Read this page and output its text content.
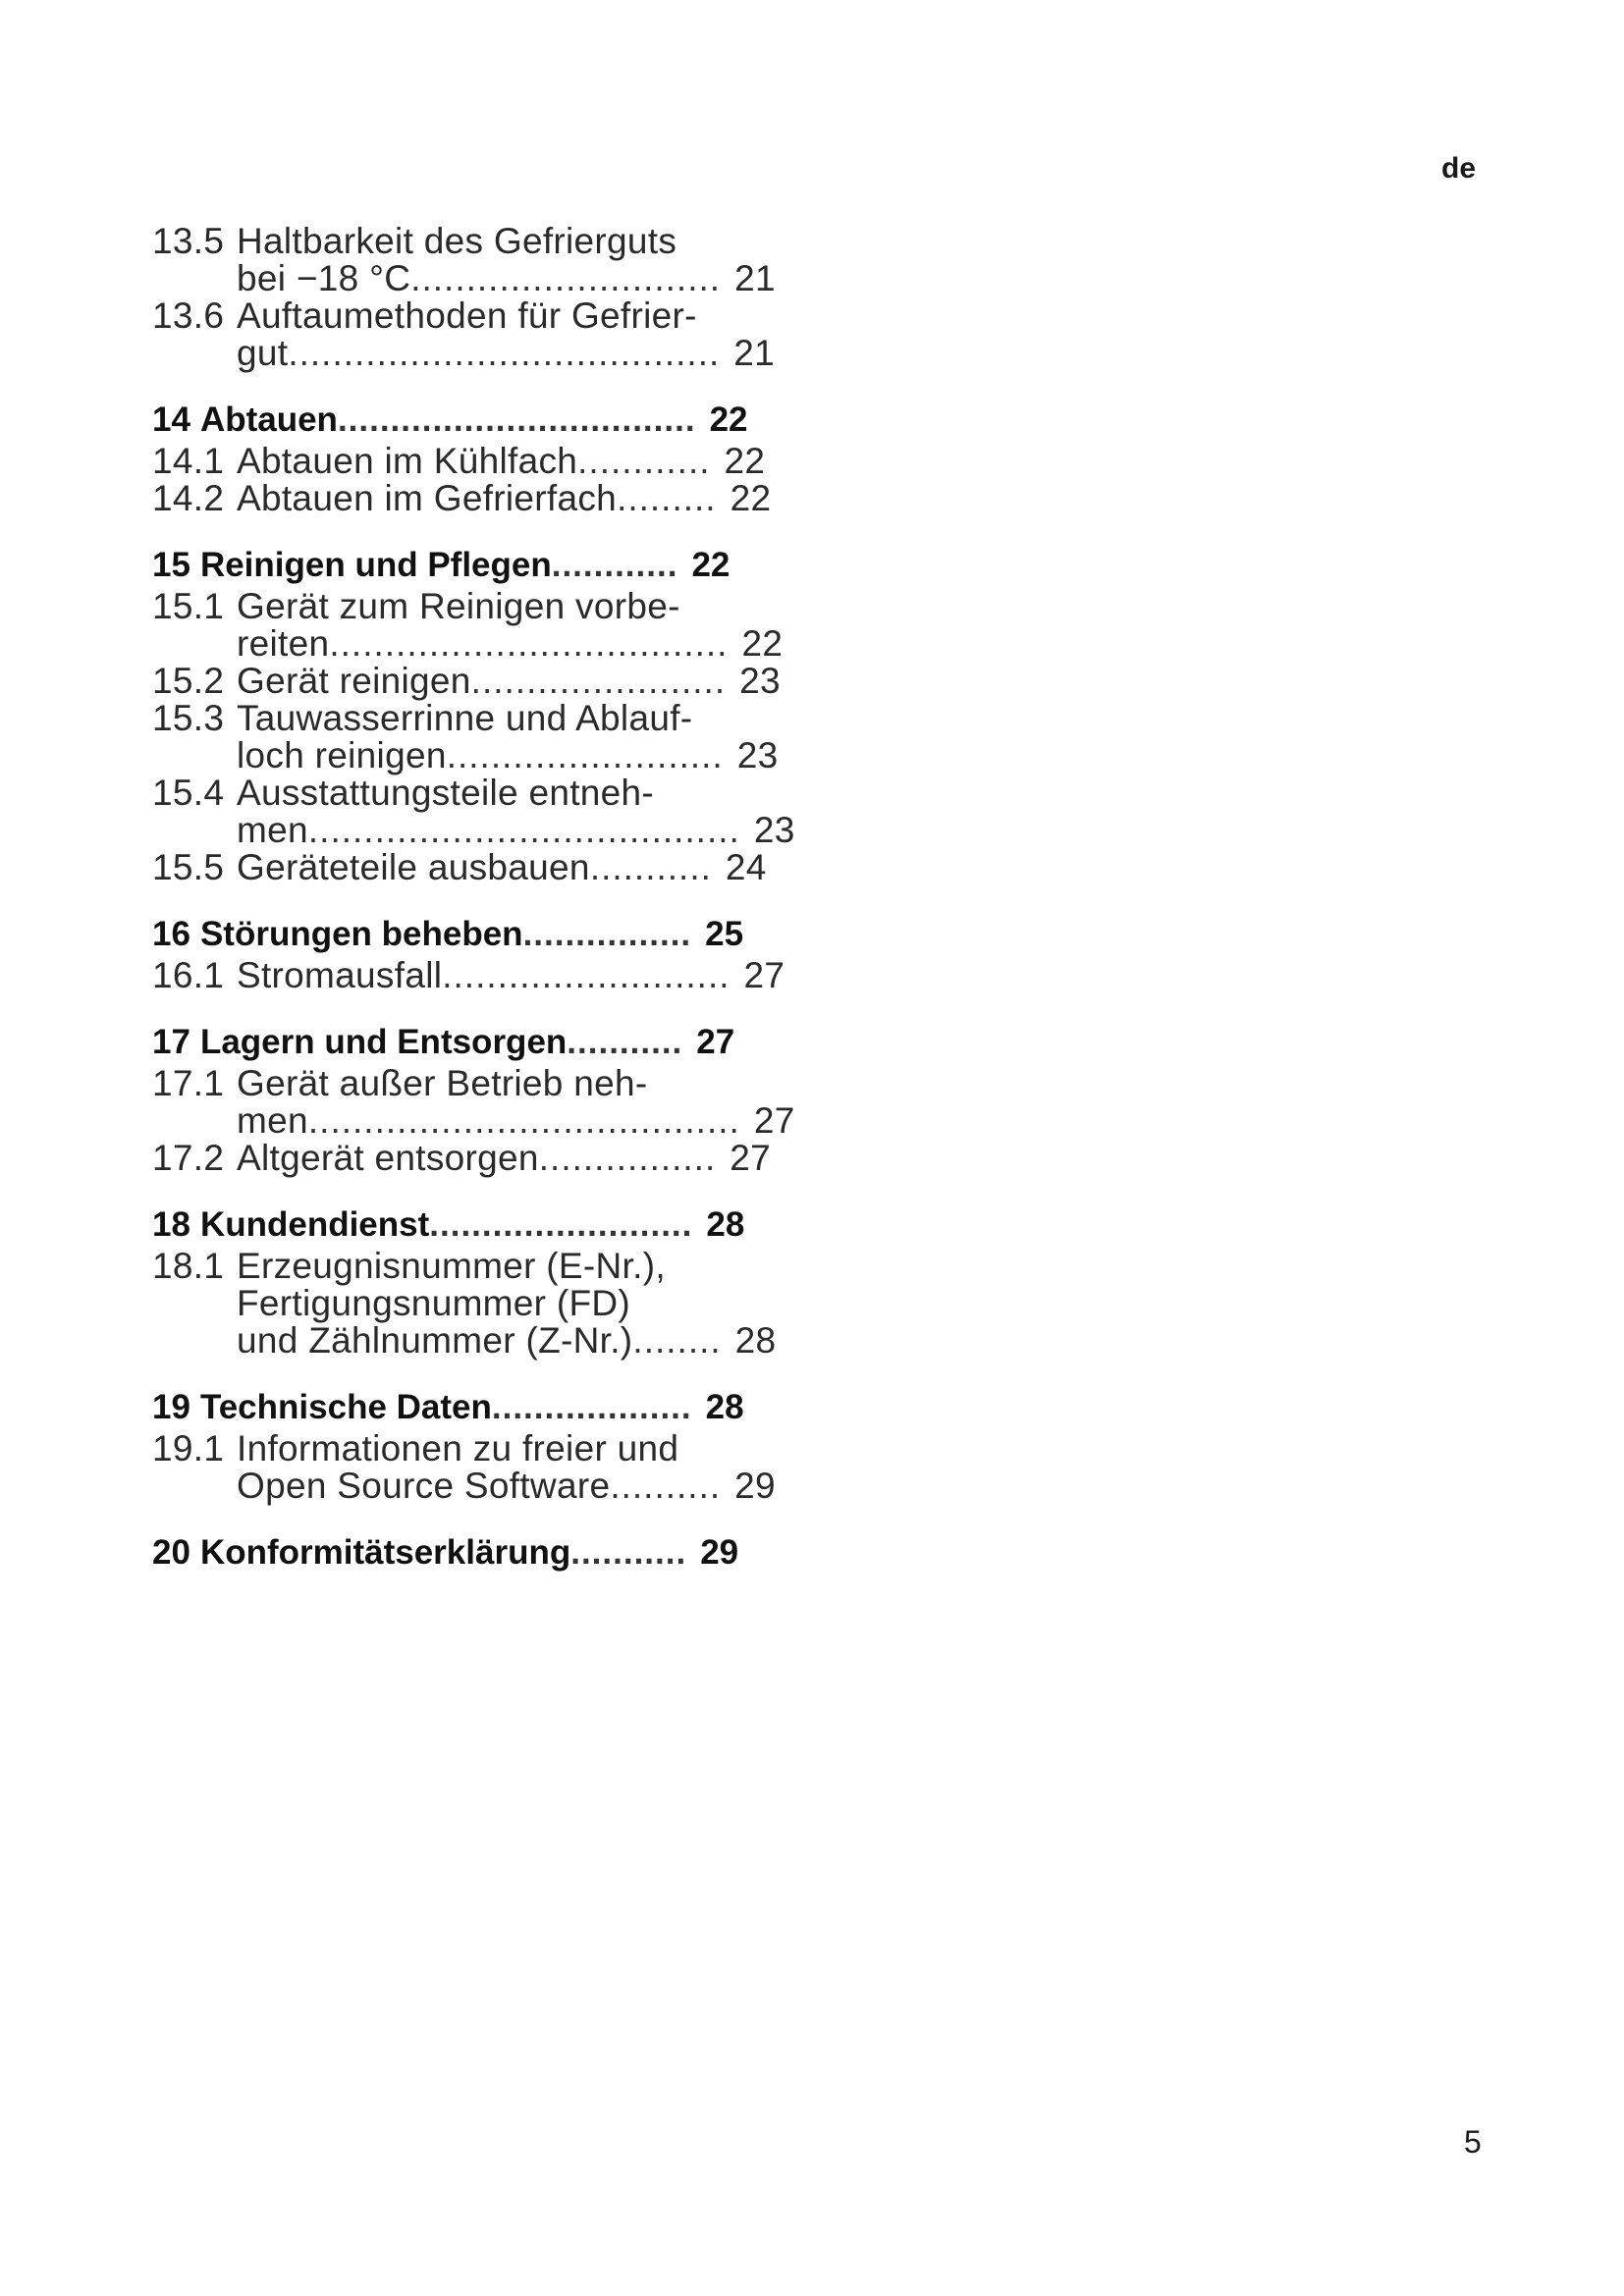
de
13.5 Haltbarkeit des Gefrierguts
bei −18 °C............................ 21
13.6 Auftaumethoden für Gefrier-
gut....................................... 21
14 Abtauen.................................. 22
14.1 Abtauen im Kühlfach............ 22
14.2 Abtauen im Gefrierfach......... 22
15 Reinigen und Pflegen............ 22
15.1 Gerät zum Reinigen vorbe-
reiten.................................... 22
15.2 Gerät reinigen....................... 23
15.3 Tauwasserrinne und Ablauf-
loch reinigen......................... 23
15.4 Ausstattungsteile entneh-
men....................................... 23
15.5 Geräteteile ausbauen........... 24
16 Störungen beheben................ 25
16.1 Stromausfall.......................... 27
17 Lagern und Entsorgen........... 27
17.1 Gerät außer Betrieb neh-
men....................................... 27
17.2 Altgerät entsorgen................ 27
18 Kundendienst......................... 28
18.1 Erzeugnisnummer (E-Nr.),
Fertigungsnummer (FD)
und Zählnummer (Z-Nr.)........ 28
19 Technische Daten................... 28
19.1 Informationen zu freier und
Open Source Software.......... 29
20 Konformitätserklärung........... 29
5
